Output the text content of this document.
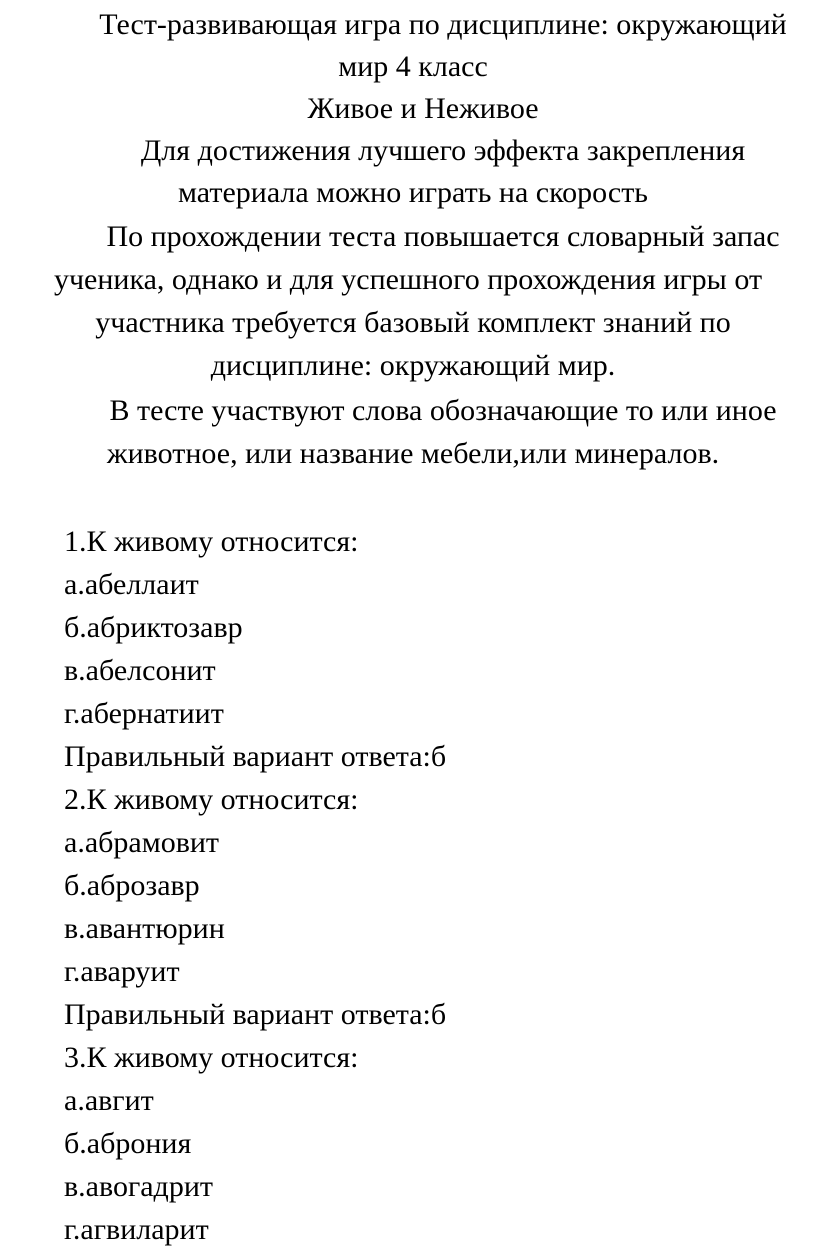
Тест-развивающая игра по дисциплине: окружающий
мир 4 класс
Живое и Неживое
Для достижения лучшего эффекта закрепления
материала можно играть на скорость
По прохождении теста повышается словарный запас
ученика, однако и для успешного прохождения игры от
участника требуется базовый комплект знаний по
дисциплине: окружающий мир.
В тесте участвуют слова обозначающие то или иное
животное, или название мебели,или минералов.
1.К живому относится:
а.абеллаит
б.абриктозавр
в.абелсонит
г.абернатиит
Правильный вариант ответа:б
2.К живому относится:
а.абрамовит
б.аброзавр
в.авантюрин
г.аваруит
Правильный вариант ответа:б
3.К живому относится:
а.авгит
б.аброния
в.авогадрит
г.агвиларит
